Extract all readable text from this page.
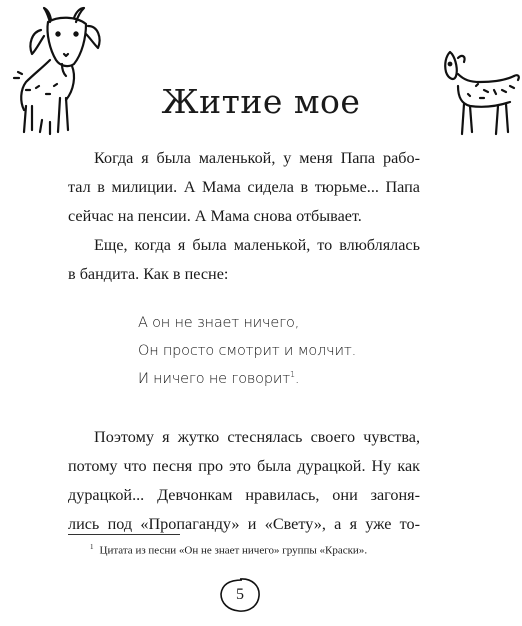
Житие мое
Когда я была маленькой, у меня Папа рабо-
тал в милиции. А Мама сидела в тюрьме... Папа
сейчас на пенсии. А Мама снова отбывает.
Еще, когда я была маленькой, то влюблялась
в бандита. Как в песне:
А он не знает ничего,
Он просто смотрит и молчит.
И ничего не говорит$^1$.
Поэтому я жутко стеснялась своего чувства,
потому что песня про это была дурацкой. Ну как
дурацкой... Девчонкам нравилась, они загоня-
лись под «Пропаганду» и «Свету», а я уже то-
$^1$ Цитата из песни «Он не знает ничего» группы «Краски».
5
